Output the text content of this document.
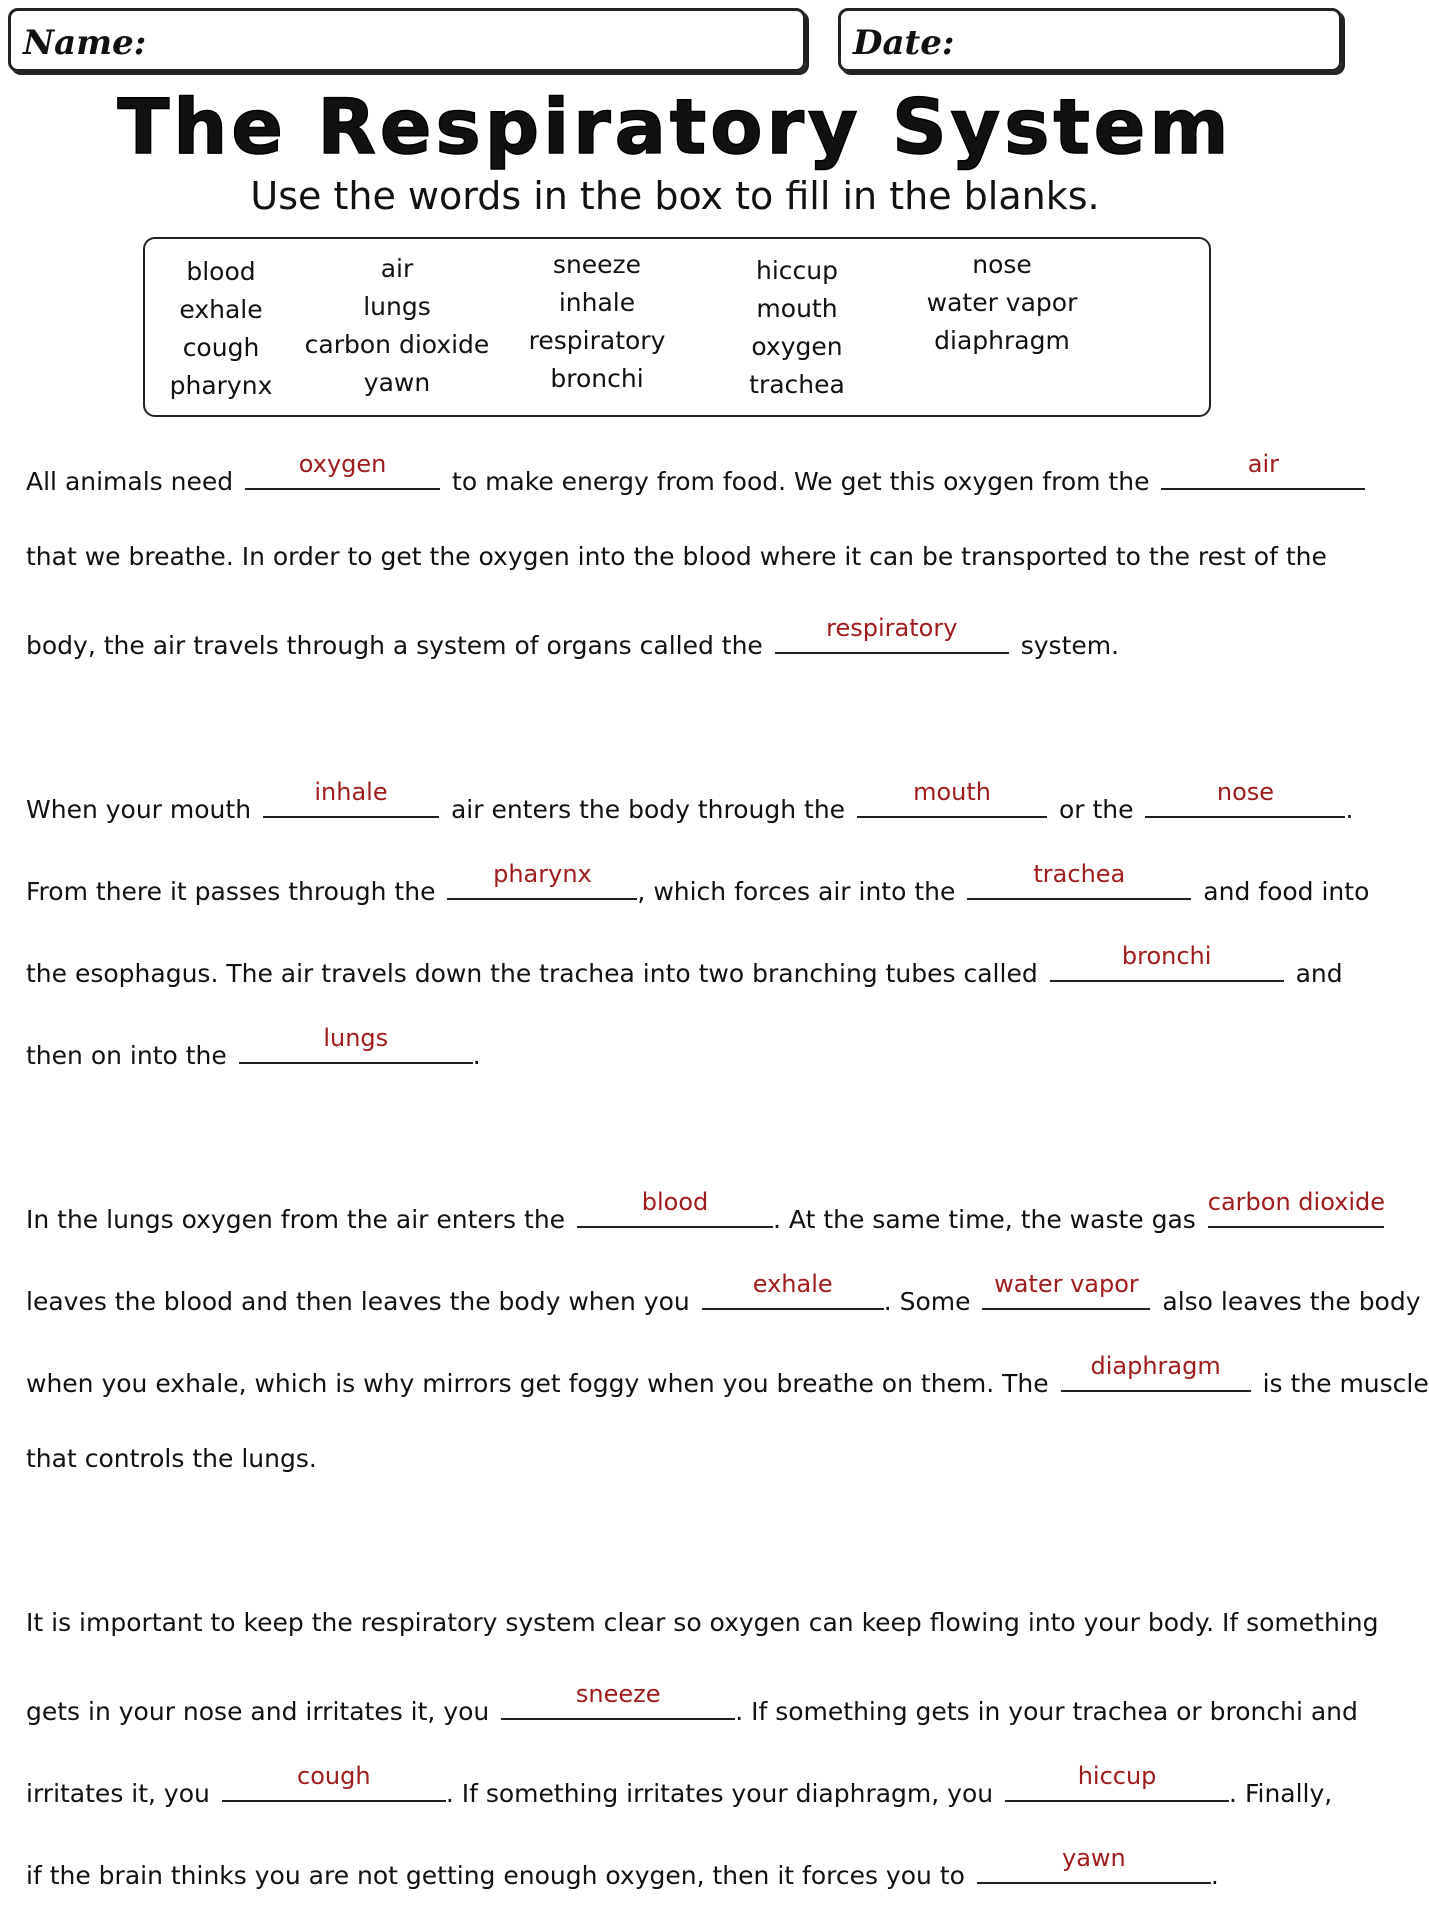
Name:	Date:
The Respiratory System
Use the words in the box to fill in the blanks.
blood
exhale
cough
pharynx
air
lungs
carbon dioxide
yawn
sneeze
inhale
respiratory
bronchi
hiccup
mouth
oxygen
trachea
nose
water vapor
diaphragm
All animals need
oxygen
to make energy from food. We get this oxygen from the
air
that we breathe. In order to get the oxygen into the blood where it can be transported to the rest of the
body, the air travels through a system of organs called the
respiratory
system.
When your mouth
inhale
air enters the body through the
mouth
or the
nose
.
From there it passes through the
pharynx
, which forces air into the
trachea
and food into
the esophagus. The air travels down the trachea into two branching tubes called
bronchi
and
then on into the
lungs
.
In the lungs oxygen from the air enters the
blood
. At the same time, the waste gas
carbon dioxide
leaves the blood and then leaves the body when you
exhale
. Some
water vapor
also leaves the body
when you exhale, which is why mirrors get foggy when you breathe on them. The
diaphragm
is the muscle
that controls the lungs.
It is important to keep the respiratory system clear so oxygen can keep flowing into your body. If something
gets in your nose and irritates it, you
sneeze
. If something gets in your trachea or bronchi and
irritates it, you
cough
. If something irritates your diaphragm, you
hiccup
. Finally,
if the brain thinks you are not getting enough oxygen, then it forces you to
yawn
.
